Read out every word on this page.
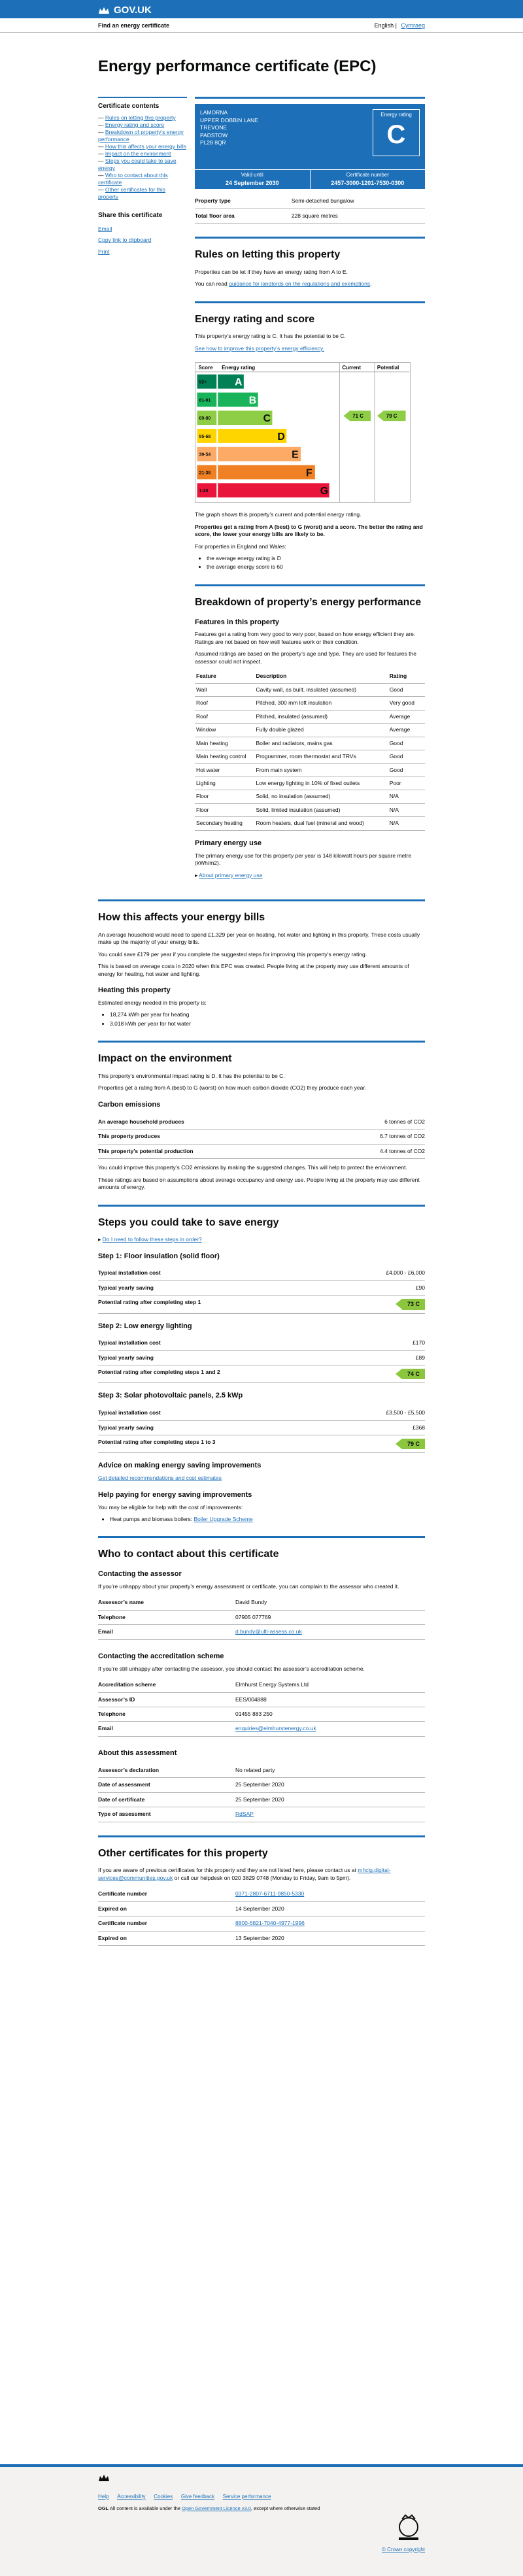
GOV.UK
Find an energy certificate	English | Cymraeg
Energy performance certificate (EPC)
Certificate contents
— Rules on letting this property
— Energy rating and score
— Breakdown of property’s energy performance
— How this affects your energy bills
— Impact on the environment
— Steps you could take to save energy
— Who to contact about this certificate
— Other certificates for this property
Share this certificate
Email
Copy link to clipboard
Print
LAMORNA
UPPER DOBBIN LANE
TREVONE
PADSTOW
PL28 8QR
Energy rating
C
Valid until
24 September 2030
Certificate number
2457-3000-1201-7530-0300
Property type	Semi-detached bungalow
Total floor area	228 square metres
Rules on letting this property

Properties can be let if they have an energy rating from A to E.

You can read guidance for landlords on the regulations and exemptions.

Energy rating and score

This property’s energy rating is C. It has the potential to be C.

See how to improve this property’s energy efficiency.

Score Energy rating	Current	Potential
92+	A
81-91	B
69-80	C
55-68	D
39-54	E
21-38	F
1-20	G
71 C	79 C

The graph shows this property’s current and potential energy rating.

Properties get a rating from A (best) to G (worst) and a score. The better the rating and score, the lower your energy bills are likely to be.

For properties in England and Wales:

• the average energy rating is D
• the average energy score is 60
Breakdown of property’s energy performance
Features in this property

Features get a rating from very good to very poor, based on how energy efficient they are. Ratings are not based on how well features work or their condition.

Assumed ratings are based on the property’s age and type. They are used for features the assessor could not inspect.

Feature	Description	Rating
Wall	Cavity wall, as built, insulated (assumed)	Good
Roof	Pitched, 300 mm loft insulation	Very good
Roof	Pitched, insulated (assumed)	Average
Window	Fully double glazed	Average
Main heating	Boiler and radiators, mains gas	Good
Main heating control	Programmer, room thermostat and TRVs	Good
Hot water	From main system	Good
Lighting	Low energy lighting in 10% of fixed outlets	Poor
Floor	Solid, no insulation (assumed)	N/A
Floor	Solid, limited insulation (assumed)	N/A
Secondary heating	Room heaters, dual fuel (mineral and wood)	N/A
Primary energy use

The primary energy use for this property per year is 148 kilowatt hours per square metre (kWh/m2).

▸ About primary energy use

How this affects your energy bills

An average household would need to spend £1,329 per year on heating, hot water and lighting in this property. These costs usually make up the majority of your energy bills.

You could save £179 per year if you complete the suggested steps for improving this property’s energy rating.

This is based on average costs in 2020 when this EPC was created. People living at the property may use different amounts of energy for heating, hot water and lighting.

Heating this property

Estimated energy needed in this property is:

• 18,274 kWh per year for heating
• 3,018 kWh per year for hot water
Impact on the environment

This property’s environmental impact rating is D. It has the potential to be C.

Properties get a rating from A (best) to G (worst) on how much carbon dioxide (CO2) they produce each year.

Carbon emissions
An average household produces	6 tonnes of CO2
This property produces	6.7 tonnes of CO2
This property’s potential production	4.4 tonnes of CO2

You could improve this property’s CO2 emissions by making the suggested changes. This will help to protect the environment.

These ratings are based on assumptions about average occupancy and energy use. People living at the property may use different amounts of energy.

Steps you could take to save energy

▸ Do I need to follow these steps in order?

Step 1: Floor insulation (solid floor)
Typical installation cost	£4,000 - £6,000
Typical yearly saving	£90
Potential rating after completing step 1	73 C
Step 2: Low energy lighting
Typical installation cost	£170
Typical yearly saving	£89
Potential rating after completing steps 1 and 2	74 C
Step 3: Solar photovoltaic panels, 2.5 kWp
Typical installation cost	£3,500 - £5,500
Typical yearly saving	£368
Potential rating after completing steps 1 to 3	79 C
Advice on making energy saving improvements

Get detailed recommendations and cost estimates

Help paying for energy saving improvements

You may be eligible for help with the cost of improvements:

• Heat pumps and biomass boilers: Boiler Upgrade Scheme
Who to contact about this certificate
Contacting the assessor

If you’re unhappy about your property’s energy assessment or certificate, you can complain to the assessor who created it.

Assessor’s name	David Bundy
Telephone	07905 077769
Email	d.bundy@ulti-assess.co.uk
Contacting the accreditation scheme

If you’re still unhappy after contacting the assessor, you should contact the assessor’s accreditation scheme.

Accreditation scheme	Elmhurst Energy Systems Ltd
Assessor’s ID	EES/004888
Telephone	01455 883 250
Email	enquiries@elmhurstenergy.co.uk
About this assessment
Assessor’s declaration	No related party
Date of assessment	25 September 2020
Date of certificate	25 September 2020
Type of assessment	RdSAP
Other certificates for this property

If you are aware of previous certificates for this property and they are not listed here, please contact us at mhclg.digital-services@communities.gov.uk or call our helpdesk on 020 3829 0748 (Monday to Friday, 9am to 5pm).

Certificate number	0371-2807-6711-9850-5330
Expired on	14 September 2020
Certificate number	8800-6821-7040-4977-1996
Expired on	13 September 2020
Help Accessibility Cookies Give feedback Service performance
OGL All content is available under the Open Government Licence v3.0, except where otherwise stated
© Crown copyright
